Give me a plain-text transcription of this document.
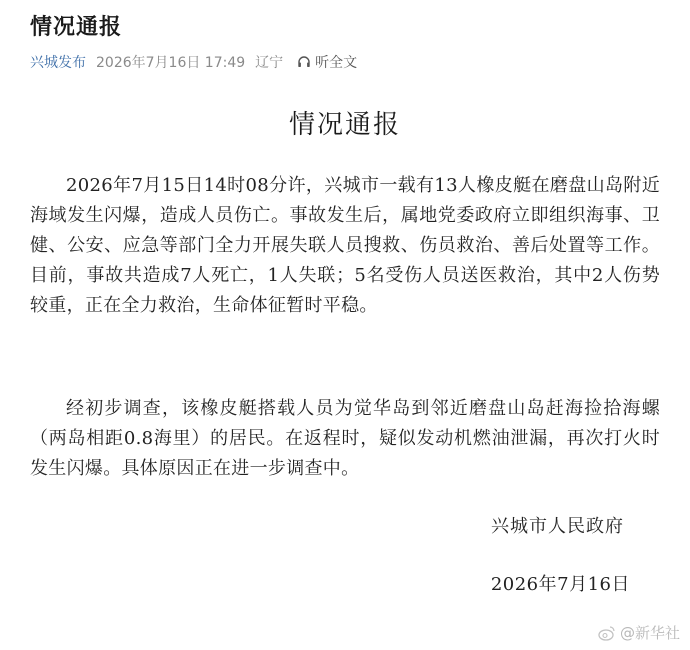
情况通报
兴城发布 2026年7月16日 17:49 辽宁 听全文
情况通报

2026年7月15日14时08分许，兴城市一载有13人橡皮艇在磨盘山岛附近海域发生闪爆，造成人员伤亡。事故发生后，属地党委政府立即组织海事、卫健、公安、应急等部门全力开展失联人员搜救、伤员救治、善后处置等工作。目前，事故共造成7人死亡，1人失联；5名受伤人员送医救治，其中2人伤势较重，正在全力救治，生命体征暂时平稳。

经初步调查，该橡皮艇搭载人员为觉华岛到邻近磨盘山岛赶海捡拾海螺（两岛相距0.8海里）的居民。在返程时，疑似发动机燃油泄漏，再次打火时发生闪爆。具体原因正在进一步调查中。

兴城市人民政府
2026年7月16日
@新华社
